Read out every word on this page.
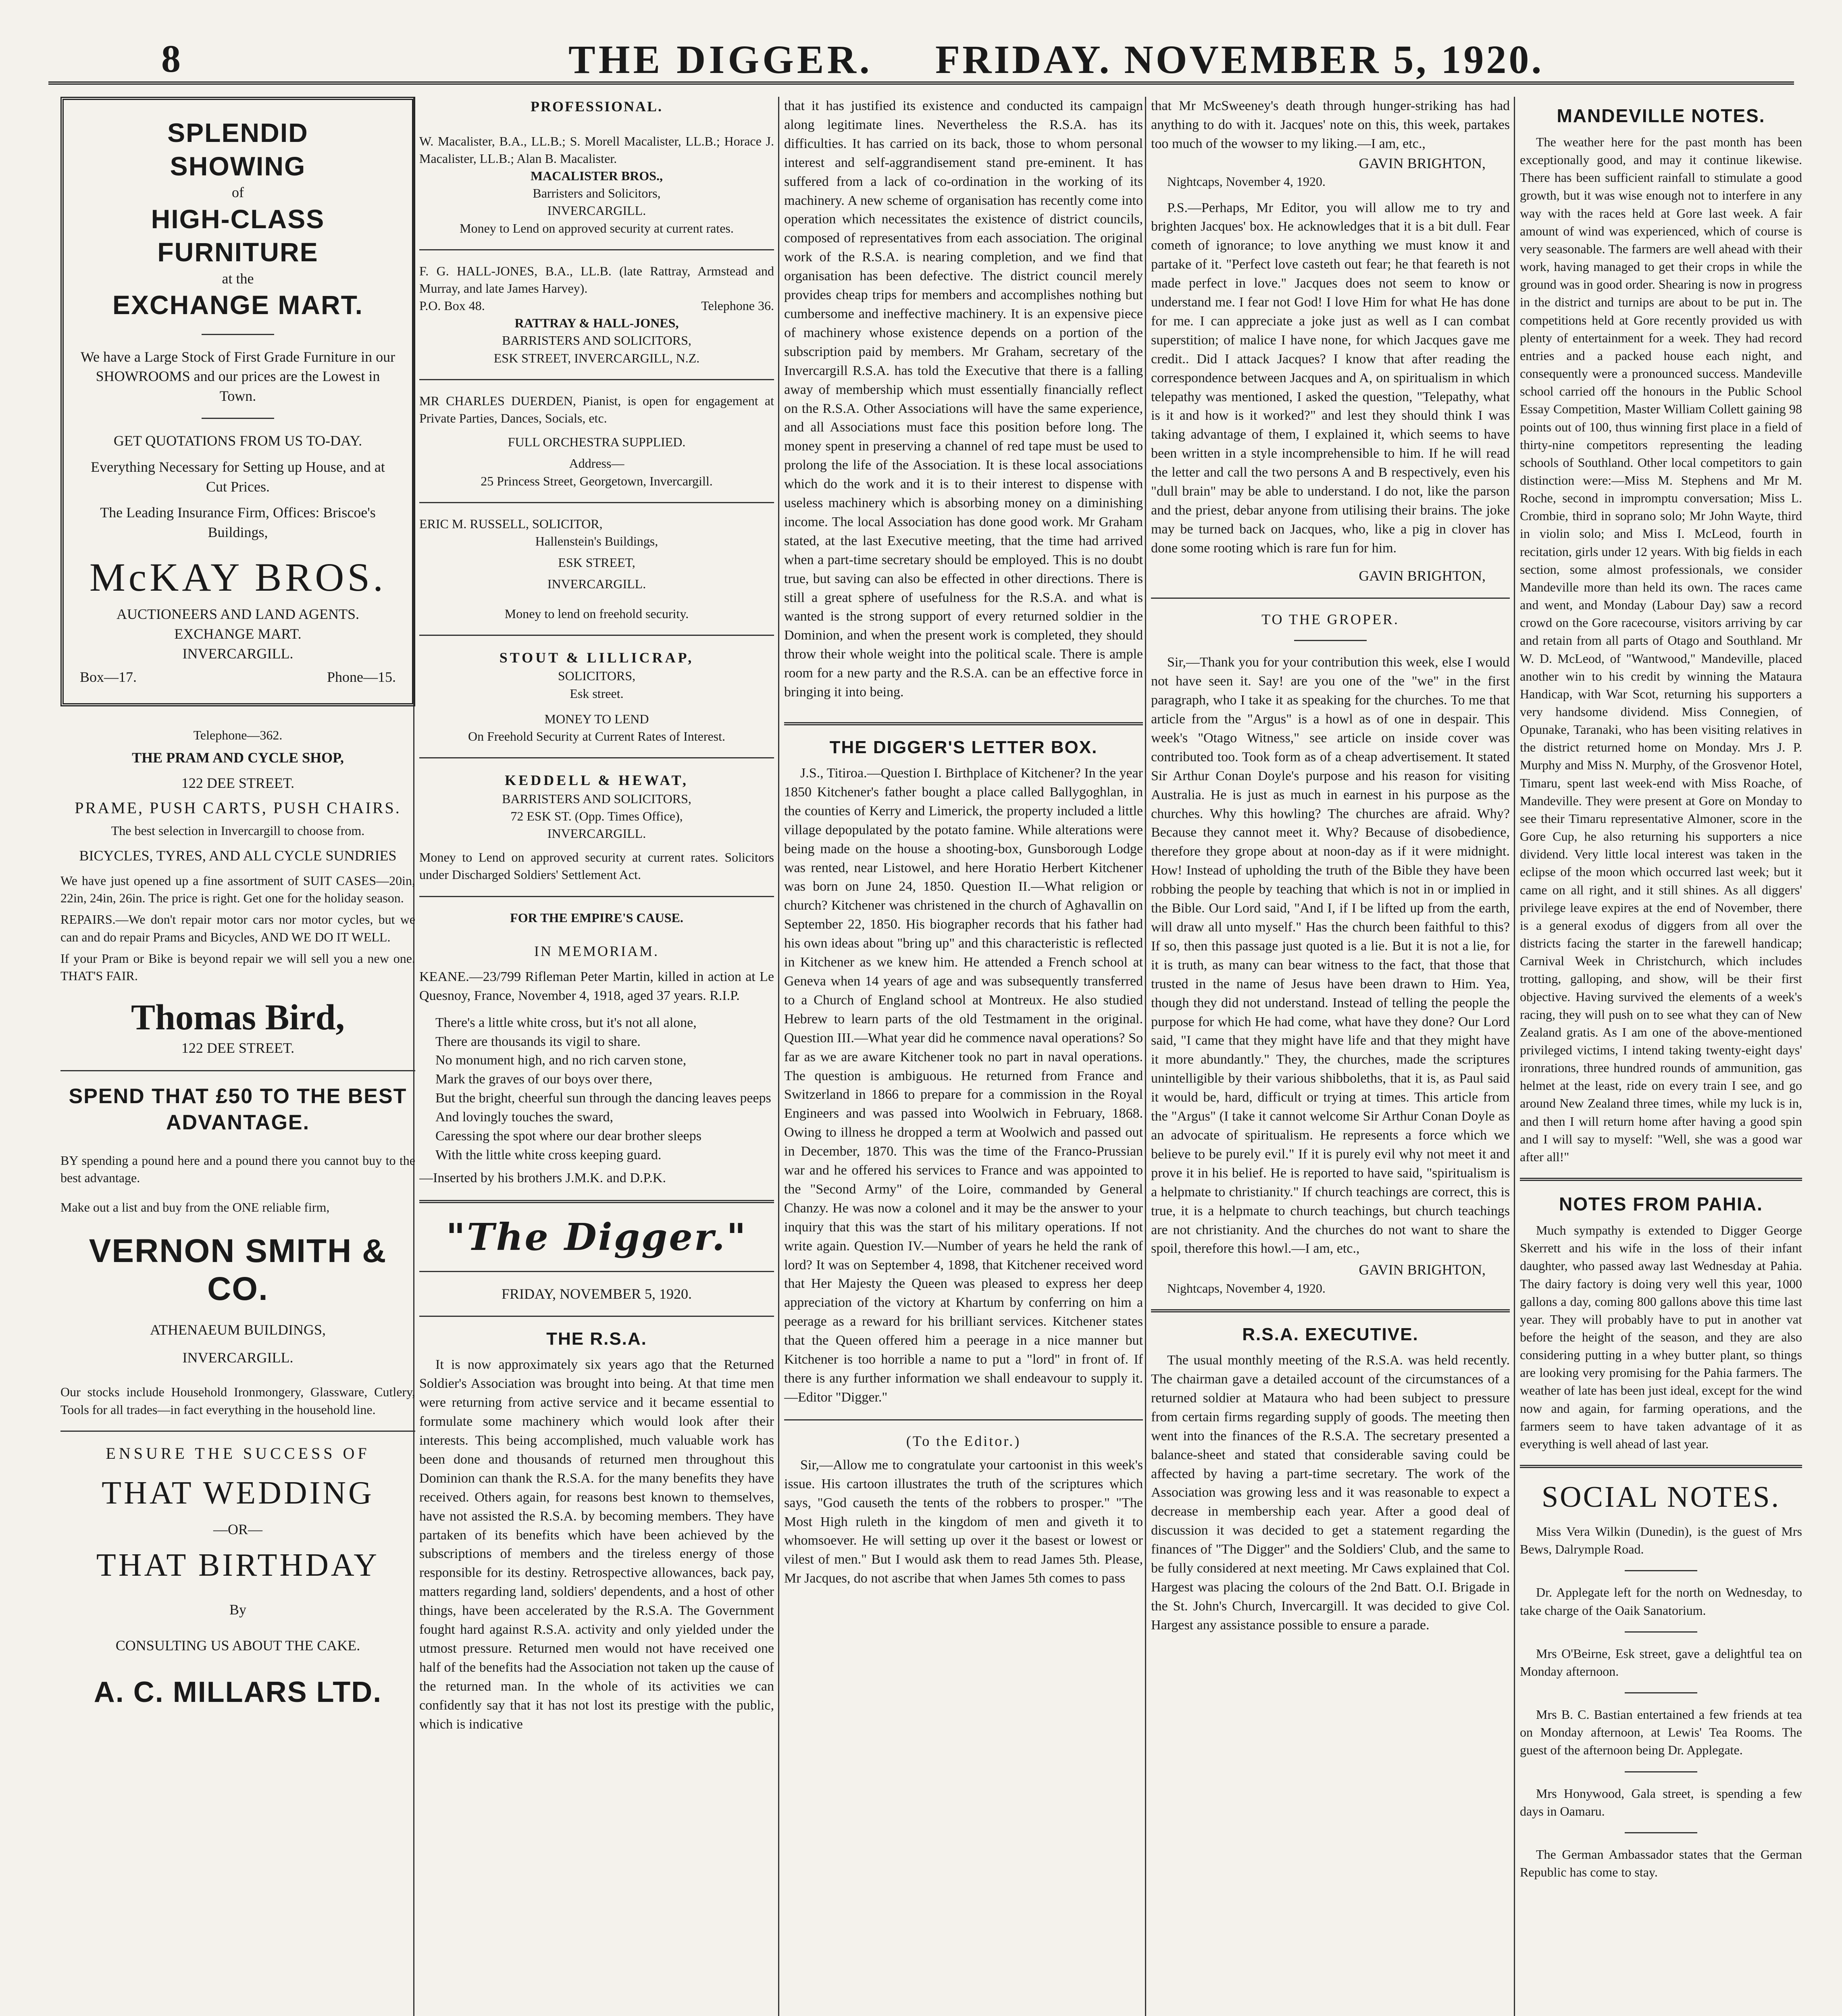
8	THE DIGGER. FRIDAY. NOVEMBER 5, 1920.
SPLENDID
SHOWING
of
HIGH-CLASS FURNITURE
at the
EXCHANGE MART.
We have a Large Stock of First Grade Furniture in our SHOWROOMS and our prices are the Lowest in Town.
GET QUOTATIONS FROM US TO-DAY.
Everything Necessary for Setting up House, and at Cut Prices.
The Leading Insurance Firm, Offices: Briscoe's Buildings,
McKAY BROS.
AUCTIONEERS AND LAND AGENTS.
EXCHANGE MART.
INVERCARGILL.
Box—17.	Phone—15.
Telephone—362.
THE PRAM AND CYCLE SHOP,
122 DEE STREET.
PRAME, PUSH CARTS, PUSH CHAIRS.
The best selection in Invercargill to choose from.
BICYCLES, TYRES, AND ALL CYCLE SUNDRIES
We have just opened up a fine assortment of SUIT CASES—20in, 22in, 24in, 26in. The price is right. Get one for the holiday season.
REPAIRS.—We don't repair motor cars nor motor cycles, but we can and do repair Prams and Bicycles, AND WE DO IT WELL.
If your Pram or Bike is beyond repair we will sell you a new one. THAT'S FAIR.
Thomas Bird,
122 DEE STREET.
SPEND THAT £50 TO THE BEST ADVANTAGE.
BY spending a pound here and a pound there you cannot buy to the best advantage.
Make out a list and buy from the ONE reliable firm,
VERNON SMITH & CO.
ATHENAEUM BUILDINGS,
INVERCARGILL.
Our stocks include Household Ironmongery, Glassware, Cutlery, Tools for all trades—in fact everything in the household line.
ENSURE THE SUCCESS OF
THAT WEDDING
—OR—
THAT BIRTHDAY
By
CONSULTING US ABOUT THE CAKE.
A. C. MILLARS LTD.
PROFESSIONAL.
W. Macalister, B.A., LL.B.; S. Morell Macalister, LL.B.; Horace J. Macalister, LL.B.; Alan B. Macalister.
MACALISTER BROS.,
Barristers and Solicitors,
INVERCARGILL.
Money to Lend on approved security at current rates.
F. G. HALL-JONES, B.A., LL.B. (late Rattray, Armstead and Murray, and late James Harvey).
P.O. Box 48.	Telephone 36.
RATTRAY & HALL-JONES,
BARRISTERS AND SOLICITORS,
ESK STREET, INVERCARGILL, N.Z.
MR CHARLES DUERDEN, Pianist, is open for engagement at Private Parties, Dances, Socials, etc.
FULL ORCHESTRA SUPPLIED.
Address—
25 Princess Street, Georgetown, Invercargill.
ERIC M. RUSSELL, SOLICITOR,
Hallenstein's Buildings,
ESK STREET,
INVERCARGILL.
Money to lend on freehold security.
STOUT & LILLICRAP,
SOLICITORS,
Esk street.
MONEY TO LEND
On Freehold Security at Current Rates of Interest.
KEDDELL & HEWAT,
BARRISTERS AND SOLICITORS,
72 ESK ST. (Opp. Times Office),
INVERCARGILL.
Money to Lend on approved security at current rates. Solicitors under Discharged Soldiers' Settlement Act.
FOR THE EMPIRE'S CAUSE.
IN MEMORIAM.
KEANE.—23/799 Rifleman Peter Martin, killed in action at Le Quesnoy, France, November 4, 1918, aged 37 years. R.I.P.
There's a little white cross, but it's not all alone,
There are thousands its vigil to share.
No monument high, and no rich carven stone,
Mark the graves of our boys over there,
But the bright, cheerful sun through the dancing leaves peeps
And lovingly touches the sward,
Caressing the spot where our dear brother sleeps
With the little white cross keeping guard.
—Inserted by his brothers J.M.K. and D.P.K.
"The Digger."
FRIDAY, NOVEMBER 5, 1920.
THE R.S.A.

It is now approximately six years ago that the Returned Soldier's Association was brought into being. At that time men were returning from active service and it became essential to formulate some machinery which would look after their interests. This being accomplished, much valuable work has been done and thousands of returned men throughout this Dominion can thank the R.S.A. for the many benefits they have received. Others again, for reasons best known to themselves, have not assisted the R.S.A. by becoming members. They have partaken of its benefits which have been achieved by the subscriptions of members and the tireless energy of those responsible for its destiny. Retrospective allowances, back pay, matters regarding land, soldiers' dependents, and a host of other things, have been accelerated by the R.S.A. The Government fought hard against R.S.A. activity and only yielded under the utmost pressure. Returned men would not have received one half of the benefits had the Association not taken up the cause of the returned man. In the whole of its activities we can confidently say that it has not lost its prestige with the public, which is indicative

that it has justified its existence and conducted its campaign along legitimate lines. Nevertheless the R.S.A. has its difficulties. It has carried on its back, those to whom personal interest and self-aggrandisement stand pre-eminent. It has suffered from a lack of co-ordination in the working of its machinery. A new scheme of organisation has recently come into operation which necessitates the existence of district councils, composed of representatives from each association. The original work of the R.S.A. is nearing completion, and we find that organisation has been defective. The district council merely provides cheap trips for members and accomplishes nothing but cumbersome and ineffective machinery. It is an expensive piece of machinery whose existence depends on a portion of the subscription paid by members. Mr Graham, secretary of the Invercargill R.S.A. has told the Executive that there is a falling away of membership which must essentially financially reflect on the R.S.A. Other Associations will have the same experience, and all Associations must face this position before long. The money spent in preserving a channel of red tape must be used to prolong the life of the Association. It is these local associations which do the work and it is to their interest to dispense with useless machinery which is absorbing money on a diminishing income. The local Association has done good work. Mr Graham stated, at the last Executive meeting, that the time had arrived when a part-time secretary should be employed. This is no doubt true, but saving can also be effected in other directions. There is still a great sphere of usefulness for the R.S.A. and what is wanted is the strong support of every returned soldier in the Dominion, and when the present work is completed, they should throw their whole weight into the political scale. There is ample room for a new party and the R.S.A. can be an effective force in bringing it into being.
THE DIGGER'S LETTER BOX.

J.S., Titiroa.—Question I. Birthplace of Kitchener? In the year 1850 Kitchener's father bought a place called Ballygoghlan, in the counties of Kerry and Limerick, the property included a little village depopulated by the potato famine. While alterations were being made on the house a shooting-box, Gunsborough Lodge was rented, near Listowel, and here Horatio Herbert Kitchener was born on June 24, 1850. Question II.—What religion or church? Kitchener was christened in the church of Aghavallin on September 22, 1850. His biographer records that his father had his own ideas about "bring up" and this characteristic is reflected in Kitchener as we knew him. He attended a French school at Geneva when 14 years of age and was subsequently transferred to a Church of England school at Montreux. He also studied Hebrew to learn parts of the old Testmament in the original. Question III.—What year did he commence naval operations? So far as we are aware Kitchener took no part in naval operations. The question is ambiguous. He returned from France and Switzerland in 1866 to prepare for a commission in the Royal Engineers and was passed into Woolwich in February, 1868. Owing to illness he dropped a term at Woolwich and passed out in December, 1870. This was the time of the Franco-Prussian war and he offered his services to France and was appointed to the "Second Army" of the Loire, commanded by General Chanzy. He was now a colonel and it may be the answer to your inquiry that this was the start of his military operations. If not write again. Question IV.—Number of years he held the rank of lord? It was on September 4, 1898, that Kitchener received word that Her Majesty the Queen was pleased to express her deep appreciation of the victory at Khartum by conferring on him a peerage as a reward for his brilliant services. Kitchener states that the Queen offered him a peerage in a nice manner but Kitchener is too horrible a name to put a "lord" in front of. If there is any further information we shall endeavour to supply it.—Editor "Digger."

(To the Editor.)

Sir,—Allow me to congratulate your cartoonist in this week's issue. His cartoon illustrates the truth of the scriptures which says, "God causeth the tents of the robbers to prosper." "The Most High ruleth in the kingdom of men and giveth it to whomsoever. He will setting up over it the basest or lowest or vilest of men." But I would ask them to read James 5th. Please, Mr Jacques, do not ascribe that when James 5th comes to pass

that Mr McSweeney's death through hunger-striking has had anything to do with it. Jacques' note on this, this week, partakes too much of the wowser to my liking.—I am, etc.,
GAVIN BRIGHTON,
Nightcaps, November 4, 1920.

P.S.—Perhaps, Mr Editor, you will allow me to try and brighten Jacques' box. He acknowledges that it is a bit dull. Fear cometh of ignorance; to love anything we must know it and partake of it. "Perfect love casteth out fear; he that feareth is not made perfect in love." Jacques does not seem to know or understand me. I fear not God! I love Him for what He has done for me. I can appreciate a joke just as well as I can combat superstition; of malice I have none, for which Jacques gave me credit.. Did I attack Jacques? I know that after reading the correspondence between Jacques and A, on spiritualism in which telepathy was mentioned, I asked the question, "Telepathy, what is it and how is it worked?" and lest they should think I was taking advantage of them, I explained it, which seems to have been written in a style incomprehensible to him. If he will read the letter and call the two persons A and B respectively, even his "dull brain" may be able to understand. I do not, like the parson and the priest, debar anyone from utilising their brains. The joke may be turned back on Jacques, who, like a pig in clover has done some rooting which is rare fun for him.

GAVIN BRIGHTON,
TO THE GROPER.

Sir,—Thank you for your contribution this week, else I would not have seen it. Say! are you one of the "we" in the first paragraph, who I take it as speaking for the churches. To me that article from the "Argus" is a howl as of one in despair. This week's "Otago Witness," see article on inside cover was contributed too. Took form as of a cheap advertisement. It stated Sir Arthur Conan Doyle's purpose and his reason for visiting Australia. He is just as much in earnest in his purpose as the churches. Why this howling? The churches are afraid. Why? Because they cannot meet it. Why? Because of disobedience, therefore they grope about at noon-day as if it were midnight. How! Instead of upholding the truth of the Bible they have been robbing the people by teaching that which is not in or implied in the Bible. Our Lord said, "And I, if I be lifted up from the earth, will draw all unto myself." Has the church been faithful to this? If so, then this passage just quoted is a lie. But it is not a lie, for it is truth, as many can bear witness to the fact, that those that trusted in the name of Jesus have been drawn to Him. Yea, though they did not understand. Instead of telling the people the purpose for which He had come, what have they done? Our Lord said, "I came that they might have life and that they might have it more abundantly." They, the churches, made the scriptures unintelligible by their various shibboleths, that it is, as Paul said it would be, hard, difficult or trying at times. This article from the "Argus" (I take it cannot welcome Sir Arthur Conan Doyle as an advocate of spiritualism. He represents a force which we believe to be purely evil." If it is purely evil why not meet it and prove it in his belief. He is reported to have said, "spiritualism is a helpmate to christianity." If church teachings are correct, this is true, it is a helpmate to church teachings, but church teachings are not christianity. And the churches do not want to share the spoil, therefore this howl.—I am, etc.,

GAVIN BRIGHTON,
Nightcaps, November 4, 1920.
R.S.A. EXECUTIVE.

The usual monthly meeting of the R.S.A. was held recently. The chairman gave a detailed account of the circumstances of a returned soldier at Mataura who had been subject to pressure from certain firms regarding supply of goods. The meeting then went into the finances of the R.S.A. The secretary presented a balance-sheet and stated that considerable saving could be affected by having a part-time secretary. The work of the Association was growing less and it was reasonable to expect a decrease in membership each year. After a good deal of discussion it was decided to get a statement regarding the finances of "The Digger" and the Soldiers' Club, and the same to be fully considered at next meeting. Mr Caws explained that Col. Hargest was placing the colours of the 2nd Batt. O.I. Brigade in the St. John's Church, Invercargill. It was decided to give Col. Hargest any assistance possible to ensure a parade.

MANDEVILLE NOTES.

The weather here for the past month has been exceptionally good, and may it continue likewise. There has been sufficient rainfall to stimulate a good growth, but it was wise enough not to interfere in any way with the races held at Gore last week. A fair amount of wind was experienced, which of course is very seasonable. The farmers are well ahead with their work, having managed to get their crops in while the ground was in good order. Shearing is now in progress in the district and turnips are about to be put in. The competitions held at Gore recently provided us with plenty of entertainment for a week. They had record entries and a packed house each night, and consequently were a pronounced success. Mandeville school carried off the honours in the Public School Essay Competition, Master William Collett gaining 98 points out of 100, thus winning first place in a field of thirty-nine competitors representing the leading schools of Southland. Other local competitors to gain distinction were:—Miss M. Stephens and Mr M. Roche, second in impromptu conversation; Miss L. Crombie, third in soprano solo; Mr John Wayte, third in violin solo; and Miss I. McLeod, fourth in recitation, girls under 12 years. With big fields in each section, some almost professionals, we consider Mandeville more than held its own. The races came and went, and Monday (Labour Day) saw a record crowd on the Gore racecourse, visitors arriving by car and retain from all parts of Otago and Southland. Mr W. D. McLeod, of "Wantwood," Mandeville, placed another win to his credit by winning the Mataura Handicap, with War Scot, returning his supporters a very handsome dividend. Miss Connegien, of Opunake, Taranaki, who has been visiting relatives in the district returned home on Monday. Mrs J. P. Murphy and Miss N. Murphy, of the Grosvenor Hotel, Timaru, spent last week-end with Miss Roache, of Mandeville. They were present at Gore on Monday to see their Timaru representative Almoner, score in the Gore Cup, he also returning his supporters a nice dividend. Very little local interest was taken in the eclipse of the moon which occurred last week; but it came on all right, and it still shines. As all diggers' privilege leave expires at the end of November, there is a general exodus of diggers from all over the districts facing the starter in the farewell handicap; Carnival Week in Christchurch, which includes trotting, galloping, and show, will be their first objective. Having survived the elements of a week's racing, they will push on to see what they can of New Zealand gratis. As I am one of the above-mentioned privileged victims, I intend taking twenty-eight days' ironrations, three hundred rounds of ammunition, gas helmet at the least, ride on every train I see, and go around New Zealand three times, while my luck is in, and then I will return home after having a good spin and I will say to myself: "Well, she was a good war after all!"

NOTES FROM PAHIA.

Much sympathy is extended to Digger George Skerrett and his wife in the loss of their infant daughter, who passed away last Wednesday at Pahia. The dairy factory is doing very well this year, 1000 gallons a day, coming 800 gallons above this time last year. They will probably have to put in another vat before the height of the season, and they are also considering putting in a whey butter plant, so things are looking very promising for the Pahia farmers. The weather of late has been just ideal, except for the wind now and again, for farming operations, and the farmers seem to have taken advantage of it as everything is well ahead of last year.

SOCIAL NOTES.

Miss Vera Wilkin (Dunedin), is the guest of Mrs Bews, Dalrymple Road.

Dr. Applegate left for the north on Wednesday, to take charge of the Oaik Sanatorium.

Mrs O'Beirne, Esk street, gave a delightful tea on Monday afternoon.

Mrs B. C. Bastian entertained a few friends at tea on Monday afternoon, at Lewis' Tea Rooms. The guest of the afternoon being Dr. Applegate.

Mrs Honywood, Gala street, is spending a few days in Oamaru.

The German Ambassador states that the German Republic has come to stay.
